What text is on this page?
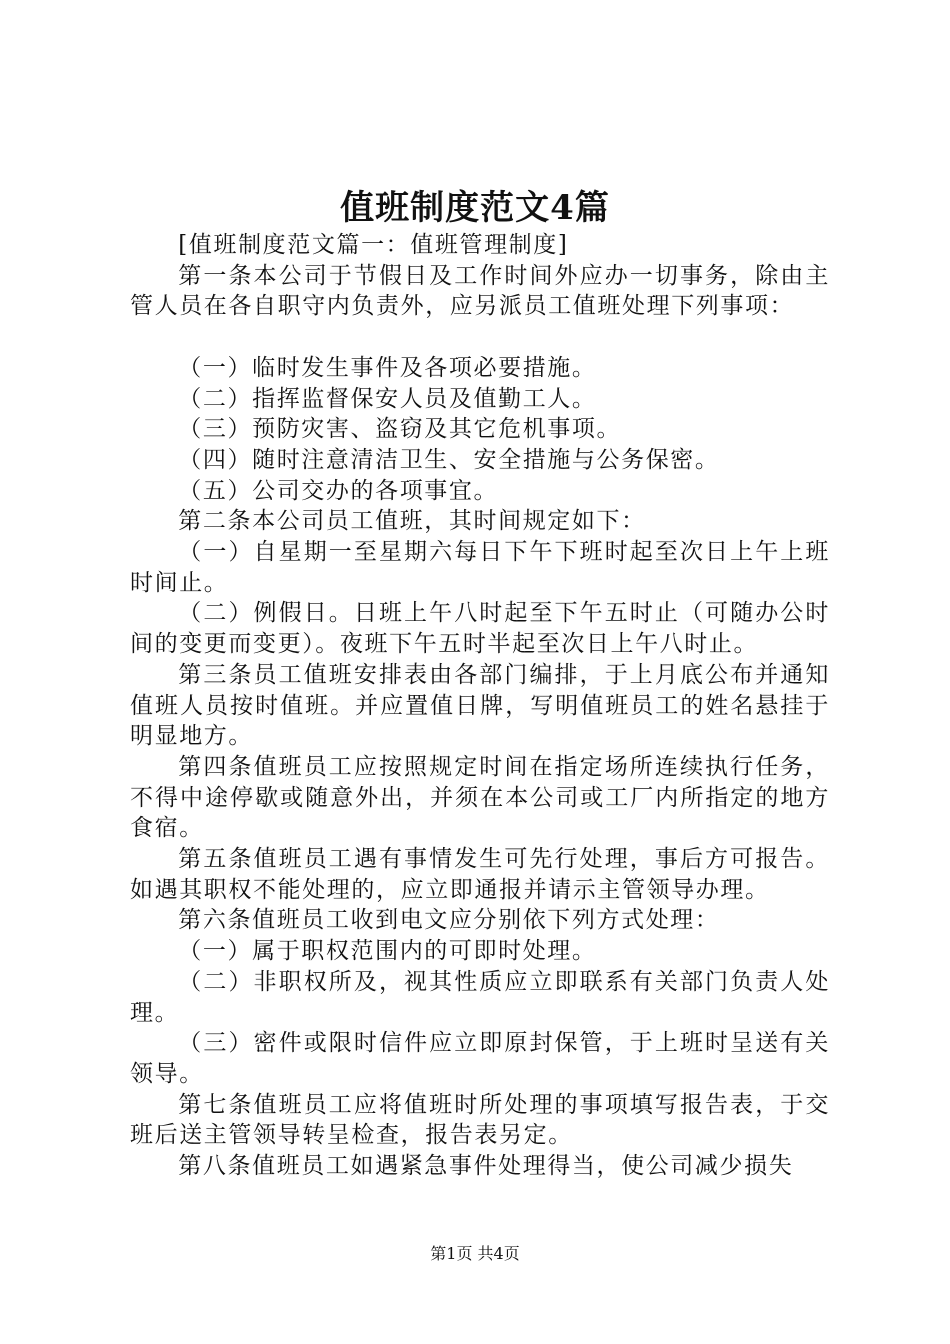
值班制度范文4篇

[值班制度范文篇一：值班管理制度]

第一条本公司于节假日及工作时间外应办一切事务，除由主管人员在各自职守内负责外，应另派员工值班处理下列事项：

（一）临时发生事件及各项必要措施。

（二）指挥监督保安人员及值勤工人。

（三）预防灾害、盗窃及其它危机事项。

（四）随时注意清洁卫生、安全措施与公务保密。

（五）公司交办的各项事宜。

第二条本公司员工值班，其时间规定如下：

（一）自星期一至星期六每日下午下班时起至次日上午上班时间止。

（二）例假日。日班上午八时起至下午五时止（可随办公时间的变更而变更）。夜班下午五时半起至次日上午八时止。

第三条员工值班安排表由各部门编排，于上月底公布并通知值班人员按时值班。并应置值日牌，写明值班员工的姓名悬挂于明显地方。

第四条值班员工应按照规定时间在指定场所连续执行任务，不得中途停歇或随意外出，并须在本公司或工厂内所指定的地方食宿。

第五条值班员工遇有事情发生可先行处理，事后方可报告。如遇其职权不能处理的，应立即通报并请示主管领导办理。

第六条值班员工收到电文应分别依下列方式处理：

（一）属于职权范围内的可即时处理。

（二）非职权所及，视其性质应立即联系有关部门负责人处理。

（三）密件或限时信件应立即原封保管，于上班时呈送有关领导。

第七条值班员工应将值班时所处理的事项填写报告表，于交班后送主管领导转呈检查，报告表另定。

第八条值班员工如遇紧急事件处理得当，使公司减少损失

第1页 共4页
